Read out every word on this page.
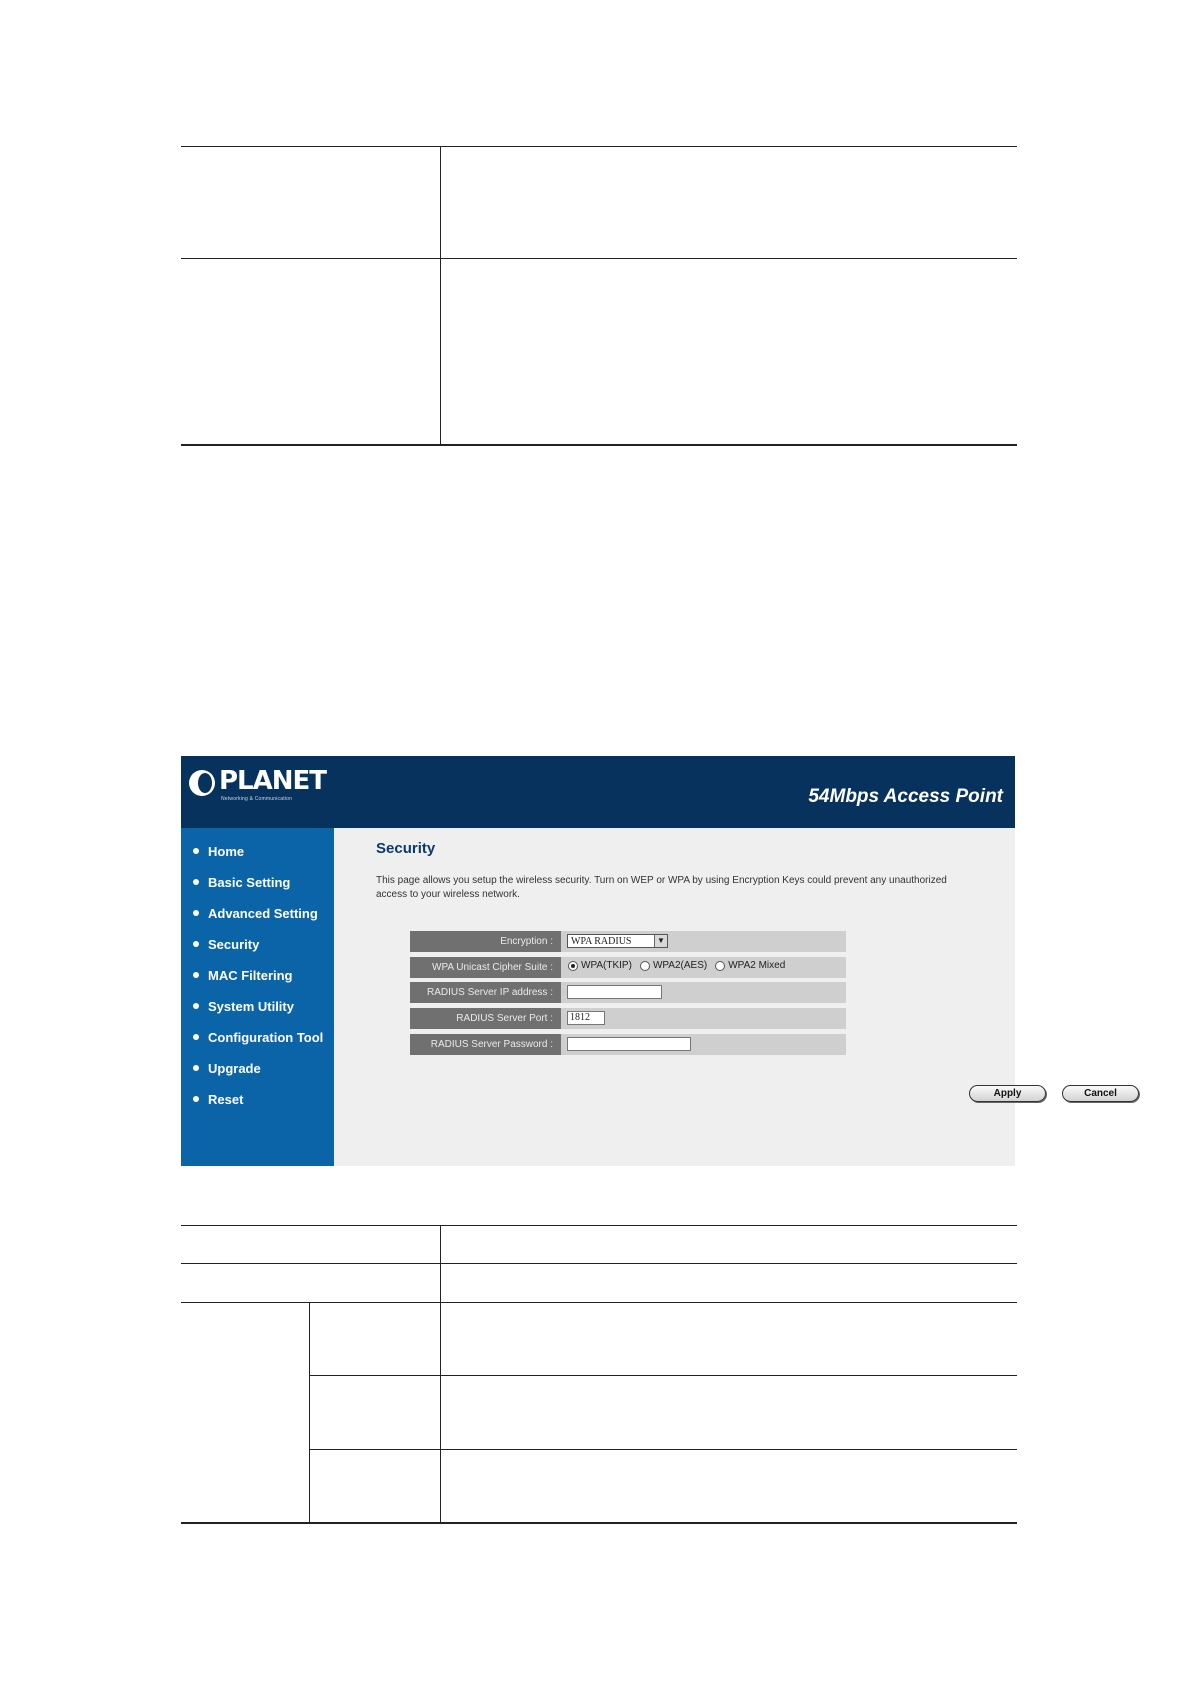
PLANET
Networking & Communication	54Mbps Access Point
Home
Basic Setting
Advanced Setting
Security
MAC Filtering
System Utility
Configuration Tool
Upgrade
Reset
Security
This page allows you setup the wireless security. Turn on WEP or WPA by using Encryption Keys could prevent any unauthorized access to your wireless network.
Encryption :	WPA RADIUS	▼
WPA Unicast Cipher Suite :	WPA(TKIP) WPA2(AES) WPA2 Mixed
RADIUS Server IP address :
RADIUS Server Port :	1812
RADIUS Server Password :
Apply	Cancel
